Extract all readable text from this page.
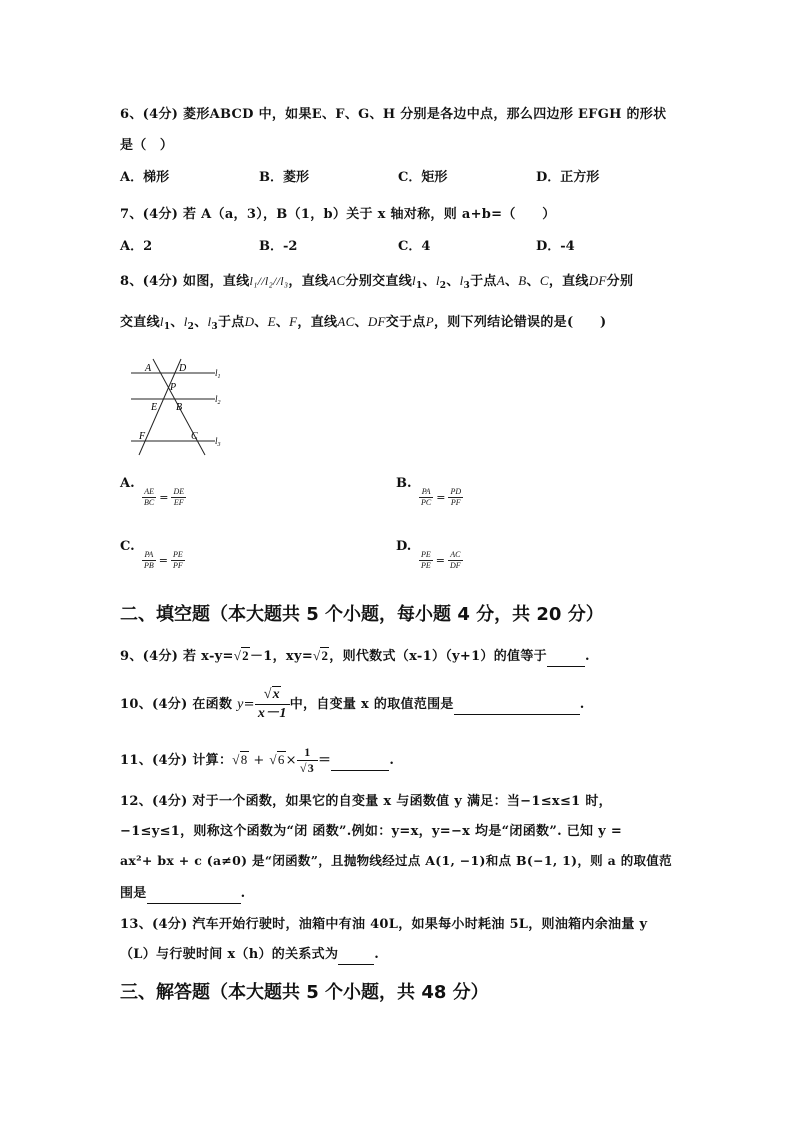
6、(4分) 菱形ABCD 中，如果E、F、G、H 分别是各边中点，那么四边形 EFGH 的形状
是（　）
A．梯形	B．菱形	C．矩形	D．正方形
7、(4分) 若 A（a，3），B（1，b）关于 x 轴对称，则 a+b=（　　）
A．2	B．-2	C．4	D．-4
8、(4分) 如图，直线l₁//l₂//l₃，直线AC分别交直线$l_1$、$l_2$、$l_3$于点A、B、C，直线DF分别
交直线$l_1$、$l_2$、$l_3$于点D、E、F，直线AC、DF交于点P，则下列结论错误的是(　　)
A	D
P
E B
F	C
$l_1$
$l_2$
$l_3$
A.
$\frac{AE}{BC} = \frac{DE}{EF}$
B.
$\frac{PA}{PC} = \frac{PD}{PF}$
C.
$\frac{PA}{PB} = \frac{PE}{PF}$
D.
$\frac{PE}{PE} = \frac{AC}{DF}$
二、填空题（本大题共 5 个小题，每小题 4 分，共 20 分）
9、(4分) 若 x-y=√2－1，xy=√2，则代数式（x-1）（y+1）的值等于	.
10、(4分) 在函数 $y= \frac{√x}{x-1}$ 中，自变量 x 的取值范围是	.
11、(4分) 计算：$√8 + √6\times \frac{1}{√3}$ ＝	.
12、(4分) 对于一个函数，如果它的自变量 x 与函数值 y 满足：当−1≤x≤1 时，
−1≤y≤1，则称这个函数为“闭 函数”.例如：y=x，y=−x 均是“闭函数”. 已知 y =
ax²+ bx + c (a≠0) 是“闭函数”，且抛物线经过点 A(1, −1)和点 B(−1, 1)，则 a 的取值范
围是	.
13、(4分) 汽车开始行驶时，油箱中有油 40L，如果每小时耗油 5L，则油箱内余油量 y
（L）与行驶时间 x（h）的关系式为	.
三、解答题（本大题共 5 个小题，共 48 分）
